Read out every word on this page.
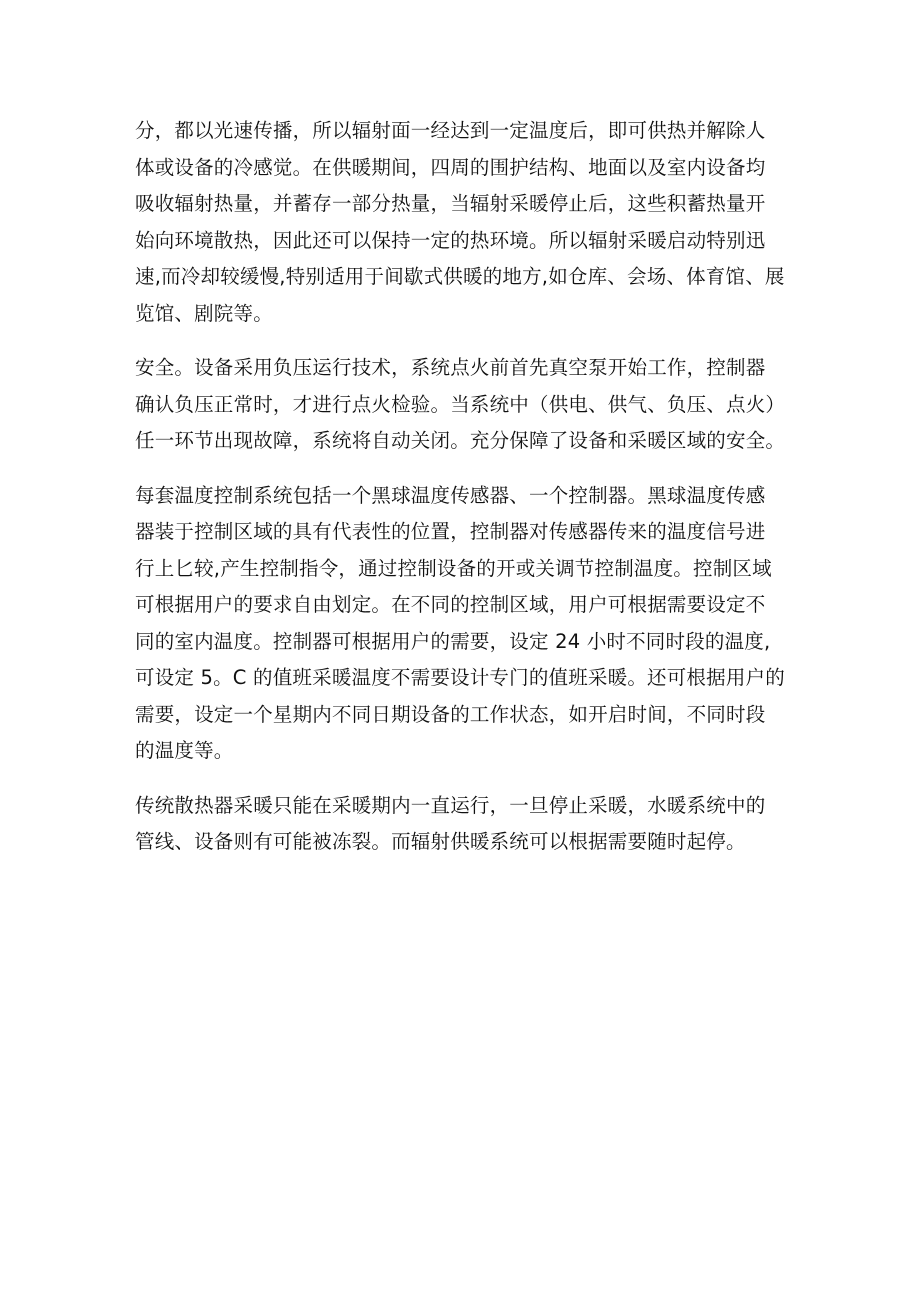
分，都以光速传播，所以辐射面一经达到一定温度后，即可供热并解除人
体或设备的冷感觉。在供暖期间，四周的围护结构、地面以及室内设备均
吸收辐射热量，并蓄存一部分热量，当辐射采暖停止后，这些积蓄热量开
始向环境散热，因此还可以保持一定的热环境。所以辐射采暖启动特别迅
速,而冷却较缓慢,特别适用于间歇式供暖的地方,如仓库、会场、体育馆、展
览馆、剧院等。

安全。设备采用负压运行技术，系统点火前首先真空泵开始工作，控制器
确认负压正常时，才进行点火检验。当系统中（供电、供气、负压、点火）
任一环节出现故障，系统将自动关闭。充分保障了设备和采暖区域的安全。

每套温度控制系统包括一个黑球温度传感器、一个控制器。黑球温度传感
器装于控制区域的具有代表性的位置，控制器对传感器传来的温度信号进
行上匕较,产生控制指令，通过控制设备的开或关调节控制温度。控制区域
可根据用户的要求自由划定。在不同的控制区域，用户可根据需要设定不
同的室内温度。控制器可根据用户的需要，设定 24 小时不同时段的温度,
可设定 5。C 的值班采暖温度不需要设计专门的值班采暖。还可根据用户的
需要，设定一个星期内不同日期设备的工作状态，如开启时间，不同时段
的温度等。

传统散热器采暖只能在采暖期内一直运行，一旦停止采暖，水暖系统中的
管线、设备则有可能被冻裂。而辐射供暖系统可以根据需要随时起停。
